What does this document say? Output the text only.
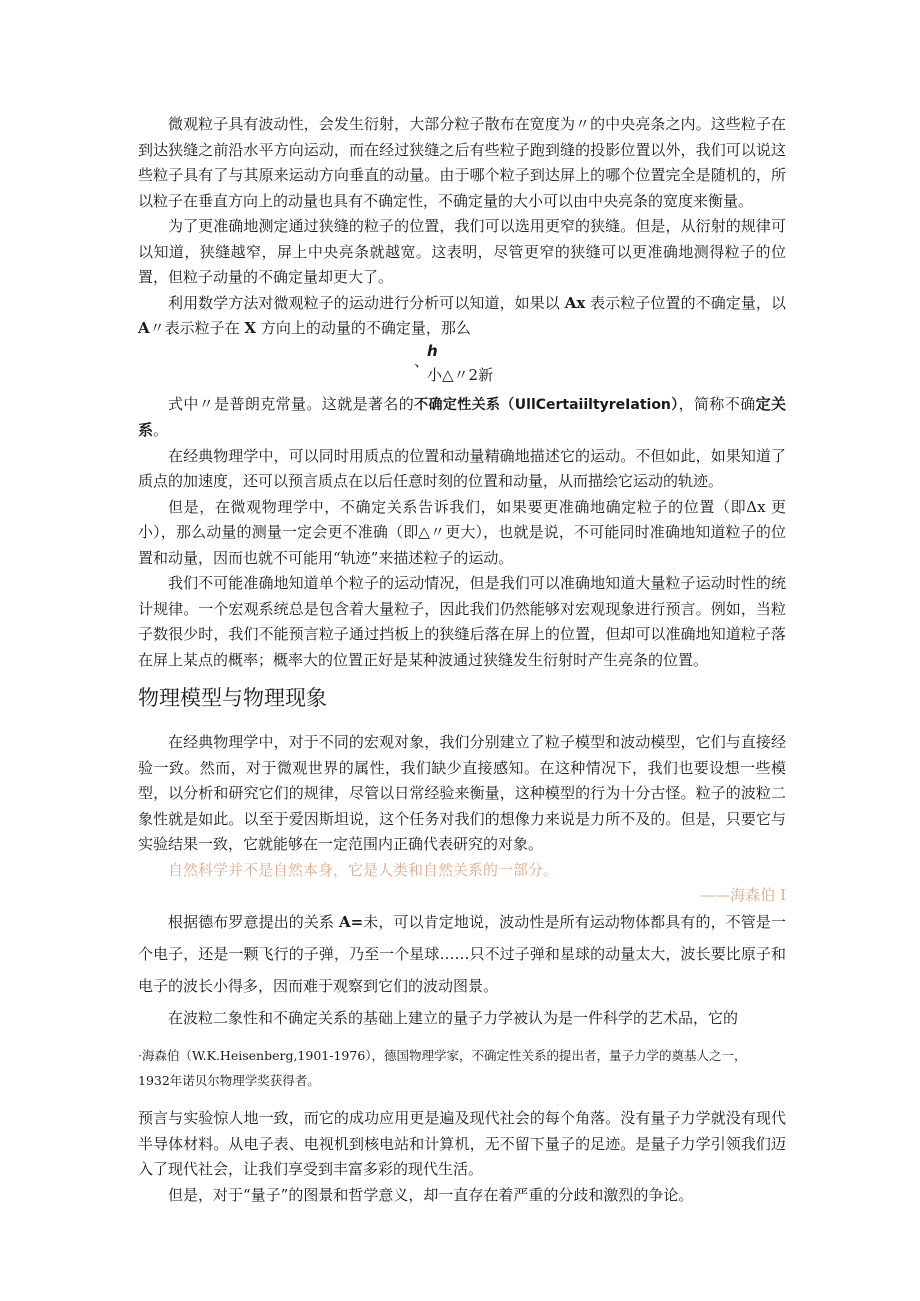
微观粒子具有波动性，会发生衍射，大部分粒子散布在宽度为〃的中央亮条之内。这些粒子在到达狭缝之前沿水平方向运动，而在经过狭缝之后有些粒子跑到缝的投影位置以外，我们可以说这些粒子具有了与其原来运动方向垂直的动量。由于哪个粒子到达屏上的哪个位置完全是随机的，所以粒子在垂直方向上的动量也具有不确定性，不确定量的大小可以由中央亮条的宽度来衡量。

为了更准确地测定通过狭缝的粒子的位置，我们可以选用更窄的狭缝。但是，从衍射的规律可以知道，狭缝越窄，屏上中央亮条就越宽。这表明，尽管更窄的狭缝可以更准确地测得粒子的位置，但粒子动量的不确定量却更大了。

利用数学方法对微观粒子的运动进行分析可以知道，如果以 Ax 表示粒子位置的不确定量，以 A〃表示粒子在 X 方向上的动量的不确定量，那么

h
、
小△〃2新

式中〃是普朗克常量。这就是著名的不确定性关系（UllCertaiiltyreIation），简称不确定关系。

在经典物理学中，可以同时用质点的位置和动量精确地描述它的运动。不但如此，如果知道了质点的加速度，还可以预言质点在以后任意时刻的位置和动量，从而描绘它运动的轨迹。

但是，在微观物理学中，不确定关系告诉我们，如果要更准确地确定粒子的位置（即Δx 更小），那么动量的测量一定会更不准确（即△〃更大），也就是说，不可能同时准确地知道粒子的位置和动量，因而也就不可能用“轨迹”来描述粒子的运动。

我们不可能准确地知道单个粒子的运动情况，但是我们可以准确地知道大量粒子运动时性的统计规律。一个宏观系统总是包含着大量粒子，因此我们仍然能够对宏观现象进行预言。例如，当粒子数很少时，我们不能预言粒子通过挡板上的狭缝后落在屏上的位置，但却可以准确地知道粒子落在屏上某点的概率；概率大的位置正好是某种波通过狭缝发生衍射时产生亮条的位置。

物理模型与物理现象

在经典物理学中，对于不同的宏观对象，我们分别建立了粒子模型和波动模型，它们与直接经验一致。然而，对于微观世界的属性，我们缺少直接感知。在这种情况下，我们也要设想一些模型，以分析和研究它们的规律，尽管以日常经验来衡量，这种模型的行为十分古怪。粒子的波粒二象性就是如此。以至于爱因斯坦说，这个任务对我们的想像力来说是力所不及的。但是，只要它与实验结果一致，它就能够在一定范围内正确代表研究的对象。

自然科学并不是自然本身，它是人类和自然关系的一部分。
——海森伯 I

根据德布罗意提出的关系 A=未，可以肯定地说，波动性是所有运动物体都具有的，不管是一个电子，还是一颗飞行的子弹，乃至一个星球……只不过子弹和星球的动量太大，波长要比原子和电子的波长小得多，因而难于观察到它们的波动图景。

在波粒二象性和不确定关系的基础上建立的量子力学被认为是一件科学的艺术品，它的

·海森伯（W.K.Heisenberg,1901-1976），德国物理学家，不确定性关系的提出者，量子力学的奠基人之一，
1932年诺贝尔物理学奖获得者。

预言与实验惊人地一致，而它的成功应用更是遍及现代社会的每个角落。没有量子力学就没有现代半导体材料。从电子表、电视机到核电站和计算机，无不留下量子的足迹。是量子力学引领我们迈入了现代社会，让我们享受到丰富多彩的现代生活。

但是，对于“量子”的图景和哲学意义，却一直存在着严重的分歧和激烈的争论。
